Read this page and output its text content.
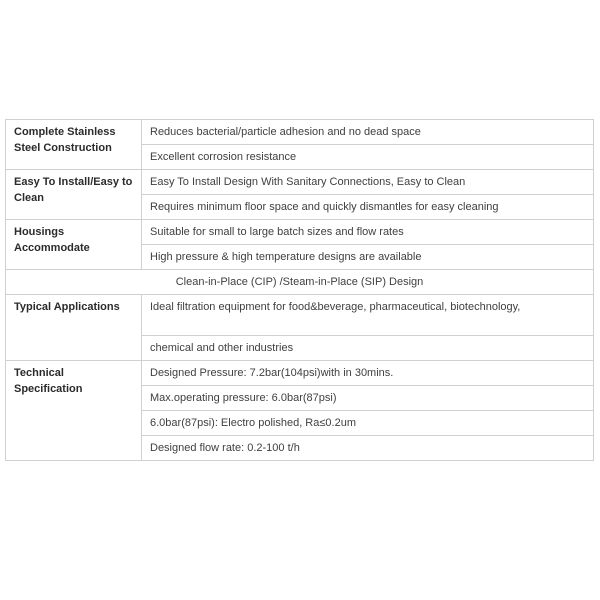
Complete Stainless Steel Construction	Reduces bacterial/particle adhesion and no dead space
	Excellent corrosion resistance
Easy To Install/Easy to Clean	Easy To Install Design With Sanitary Connections, Easy to Clean
	Requires minimum floor space and quickly dismantles for easy cleaning
Housings Accommodate	Suitable for small to large batch sizes and flow rates
	High pressure & high temperature designs are available
Clean-in-Place (CIP) /Steam-in-Place (SIP) Design	
Typical Applications	Ideal filtration equipment for food&beverage, pharmaceutical, biotechnology,
	chemical and other industries
Technical Specification	Designed Pressure: 7.2bar(104psi)with in 30mins.
	Max.operating pressure: 6.0bar(87psi)
	6.0bar(87psi): Electro polished, Ra≤0.2um
	Designed flow rate: 0.2-100 t/h
